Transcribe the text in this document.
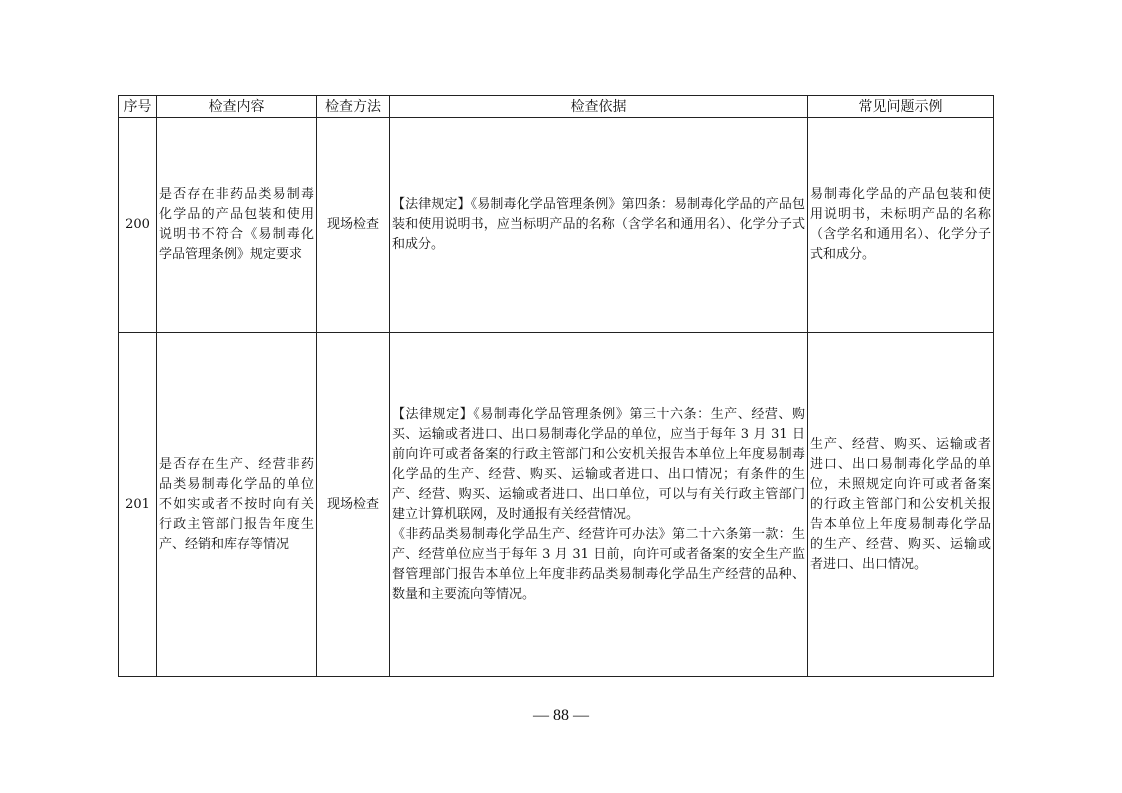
序号	检查内容	检查方法	检查依据	常见问题示例
200	是否存在非药品类易制毒化学品的产品包装和使用说明书不符合《易制毒化学品管理条例》规定要求	现场检查	【法律规定】《易制毒化学品管理条例》第四条：易制毒化学品的产品包装和使用说明书，应当标明产品的名称（含学名和通用名）、化学分子式和成分。	易制毒化学品的产品包装和使用说明书，未标明产品的名称（含学名和通用名）、化学分子式和成分。
201	是否存在生产、经营非药品类易制毒化学品的单位不如实或者不按时向有关行政主管部门报告年度生产、经销和库存等情况	现场检查	【法律规定】《易制毒化学品管理条例》第三十六条：生产、经营、购买、运输或者进口、出口易制毒化学品的单位，应当于每年 3 月 31 日前向许可或者备案的行政主管部门和公安机关报告本单位上年度易制毒化学品的生产、经营、购买、运输或者进口、出口情况；有条件的生产、经营、购买、运输或者进口、出口单位，可以与有关行政主管部门建立计算机联网，及时通报有关经营情况。
《非药品类易制毒化学品生产、经营许可办法》第二十六条第一款：生产、经营单位应当于每年 3 月 31 日前，向许可或者备案的安全生产监督管理部门报告本单位上年度非药品类易制毒化学品生产经营的品种、数量和主要流向等情况。	生产、经营、购买、运输或者进口、出口易制毒化学品的单位，未照规定向许可或者备案的行政主管部门和公安机关报告本单位上年度易制毒化学品的生产、经营、购买、运输或者进口、出口情况。
— 88 —
